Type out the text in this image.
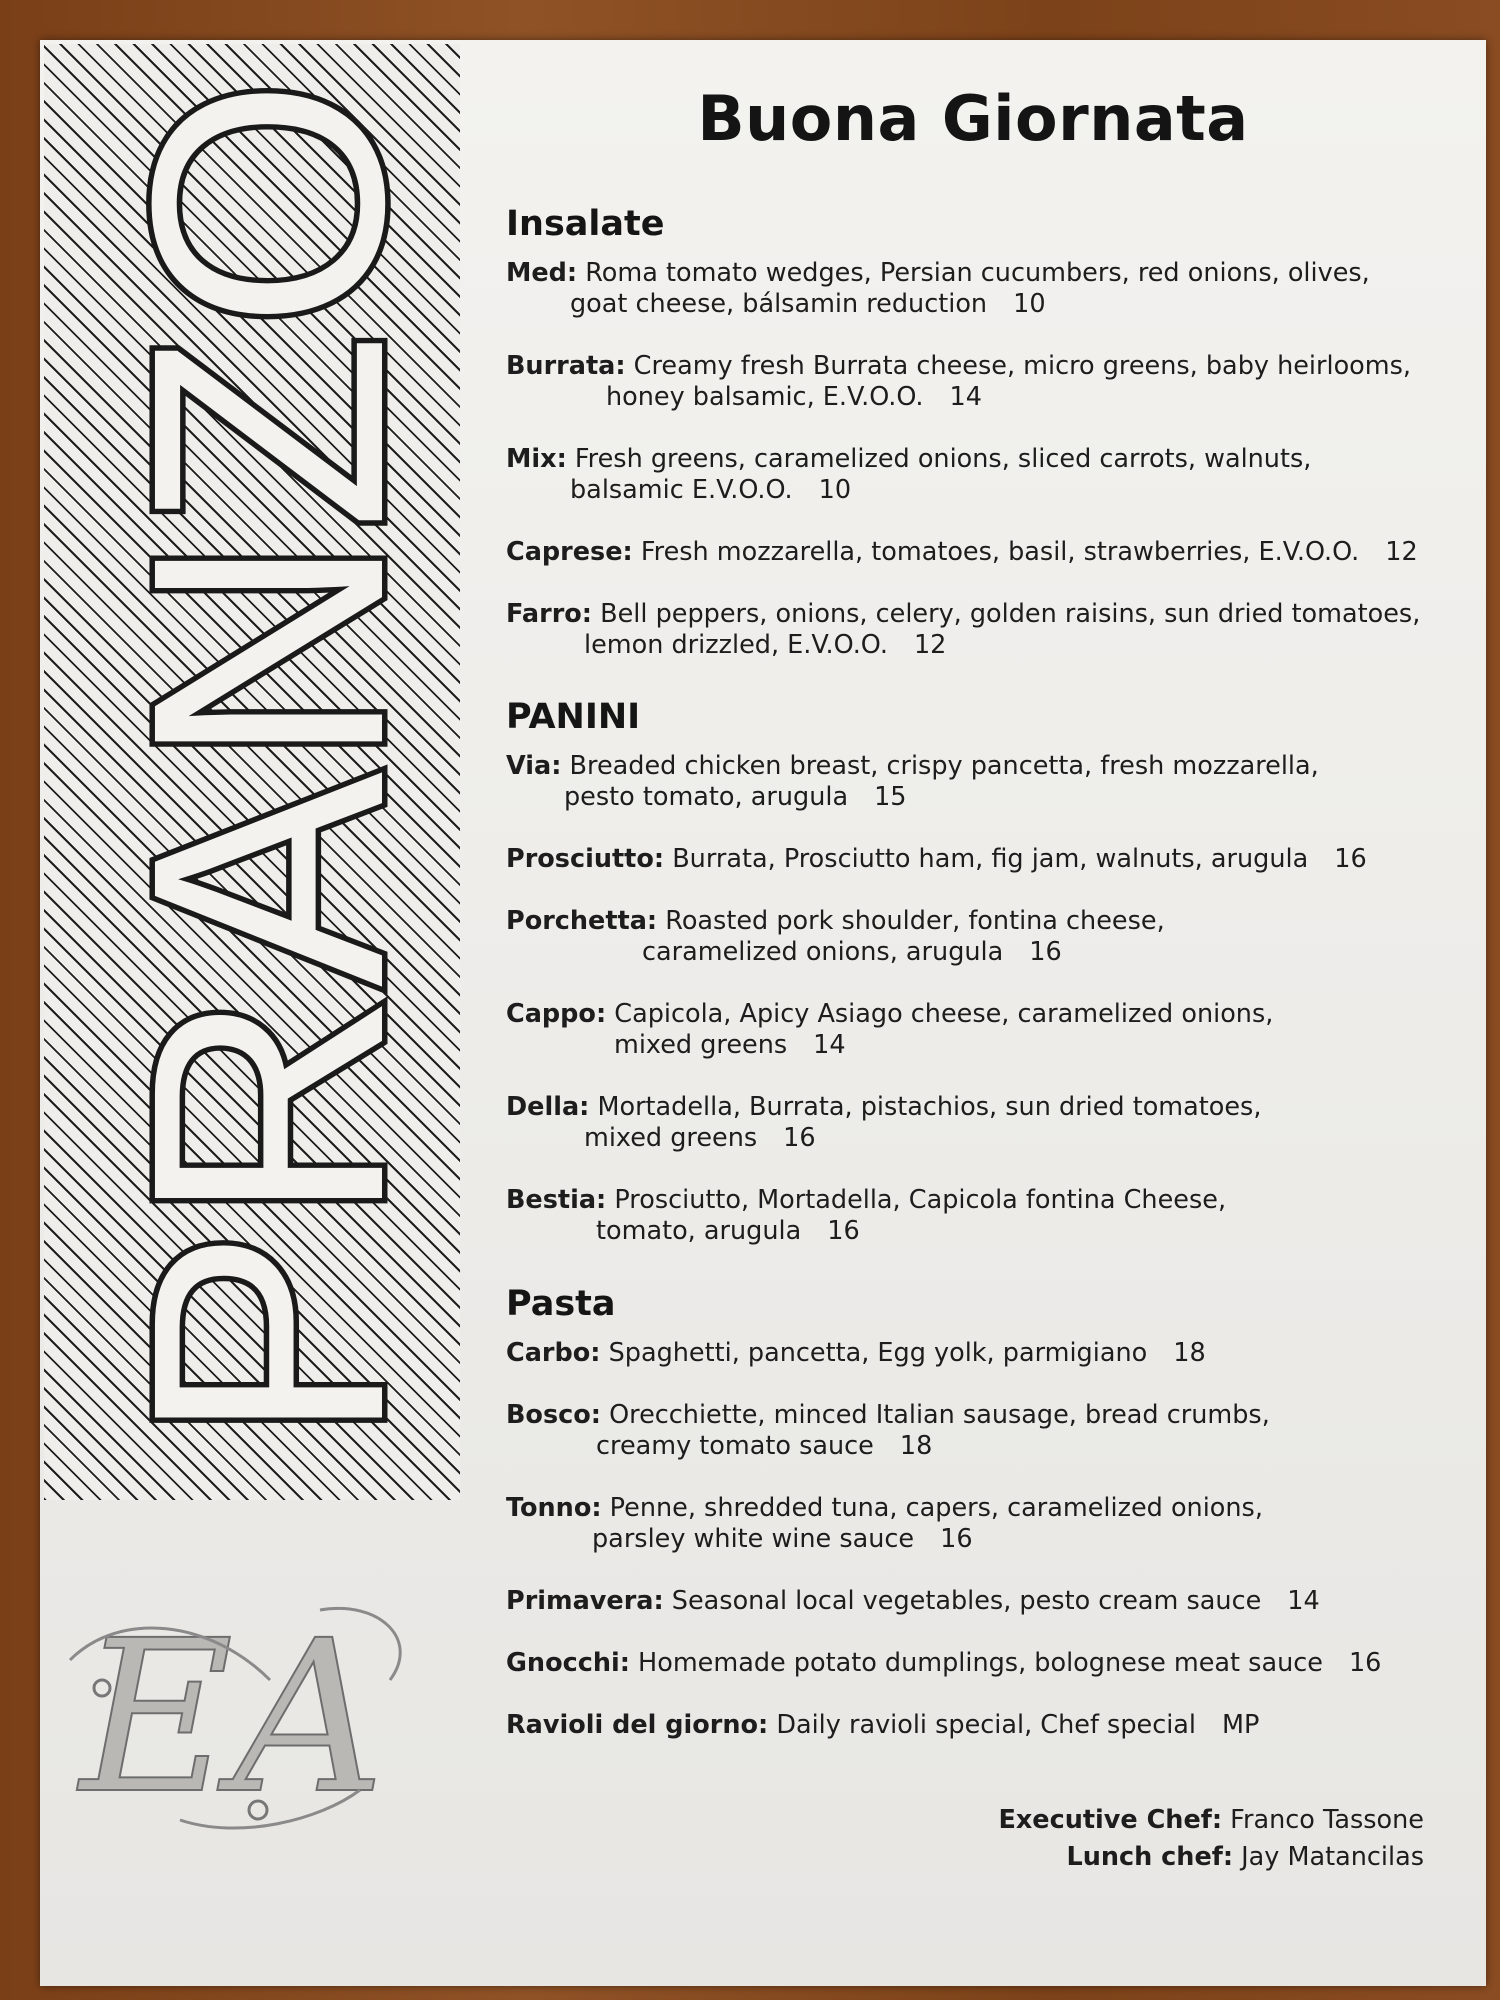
PRANZO
EA
Buona Giornata
Insalate
Med: Roma tomato wedges, Persian cucumbers, red onions, olives,
goat cheese, bálsamin reduction 10
Burrata: Creamy fresh Burrata cheese, micro greens, baby heirlooms,
honey balsamic, E.V.O.O. 14
Mix: Fresh greens, caramelized onions, sliced carrots, walnuts,
balsamic E.V.O.O. 10
Caprese: Fresh mozzarella, tomatoes, basil, strawberries, E.V.O.O. 12
Farro: Bell peppers, onions, celery, golden raisins, sun dried tomatoes,
lemon drizzled, E.V.O.O. 12
PANINI
Via: Breaded chicken breast, crispy pancetta, fresh mozzarella,
pesto tomato, arugula 15
Prosciutto: Burrata, Prosciutto ham, fig jam, walnuts, arugula 16
Porchetta: Roasted pork shoulder, fontina cheese,
caramelized onions, arugula 16
Cappo: Capicola, Apicy Asiago cheese, caramelized onions,
mixed greens 14
Della: Mortadella, Burrata, pistachios, sun dried tomatoes,
mixed greens 16
Bestia: Prosciutto, Mortadella, Capicola fontina Cheese,
tomato, arugula 16
Pasta
Carbo: Spaghetti, pancetta, Egg yolk, parmigiano 18
Bosco: Orecchiette, minced Italian sausage, bread crumbs,
creamy tomato sauce 18
Tonno: Penne, shredded tuna, capers, caramelized onions,
parsley white wine sauce 16
Primavera: Seasonal local vegetables, pesto cream sauce 14
Gnocchi: Homemade potato dumplings, bolognese meat sauce 16
Ravioli del giorno: Daily ravioli special, Chef special MP
Executive Chef: Franco Tassone
Lunch chef: Jay Matancilas
